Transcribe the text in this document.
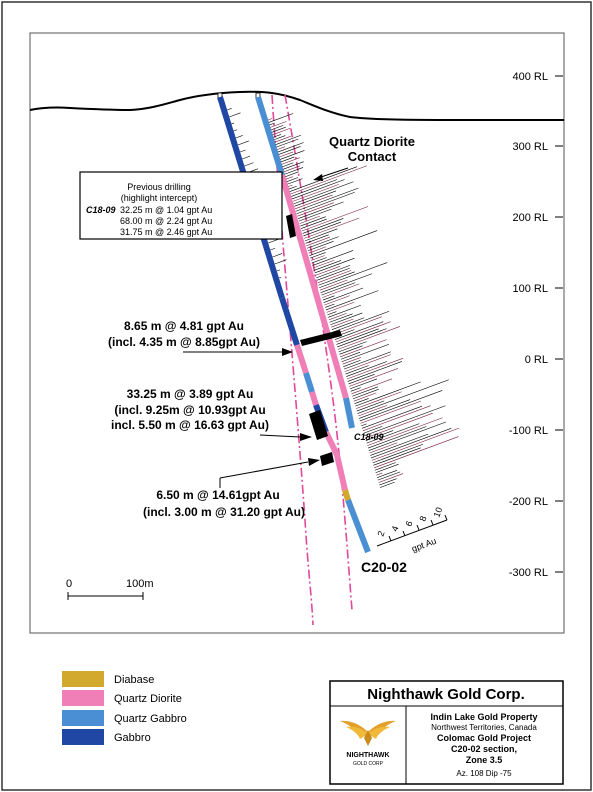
400 RL
300 RL
200 RL
100 RL
0 RL
-100 RL
-200 RL
-300 RL
2
4
6
8 10
gpt Au
Quartz Diorite
Contact
Previous drilling
(highlight intercept)
C18-09 32.25 m @ 1.04 gpt Au
68.00 m @ 2.24 gpt Au
31.75 m @ 2.46 gpt Au
8.65 m @ 4.81 gpt Au
(incl. 4.35 m @ 8.85gpt Au)
33.25 m @ 3.89 gpt Au
(incl. 9.25m @ 10.93gpt Au
incl. 5.50 m @ 16.63 gpt Au)
6.50 m @ 14.61gpt Au
(incl. 3.00 m @ 31.20 gpt Au)
C18-09
C20-02
0	100m
Diabase
Quartz Diorite
Quartz Gabbro
Gabbro
Nighthawk Gold Corp.
NIGHTHAWK
GOLD CORP
Indin Lake Gold Property
Northwest Territories, Canada
Colomac Gold Project
C20-02 section,
Zone 3.5
Az. 108 Dip -75
